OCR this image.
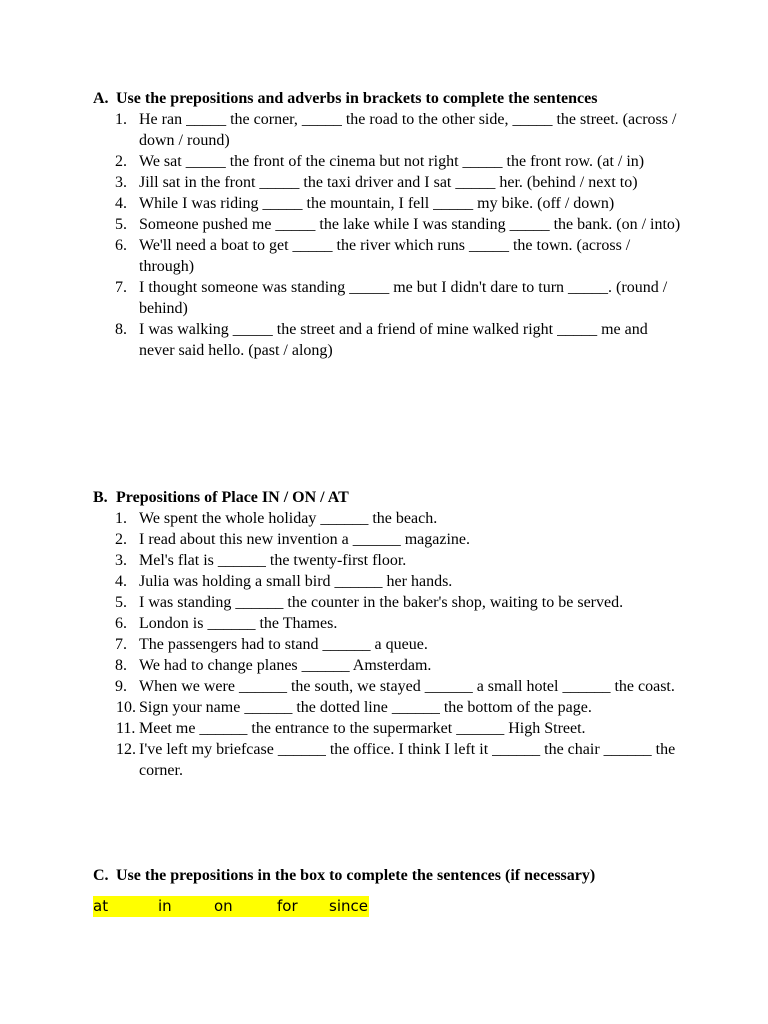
A. Use the prepositions and adverbs in brackets to complete the sentences
1. He ran _____ the corner, _____ the road to the other side, _____ the street. (across / down / round)
2. We sat _____ the front of the cinema but not right _____ the front row. (at / in)
3. Jill sat in the front _____ the taxi driver and I sat _____ her. (behind / next to)
4. While I was riding _____ the mountain, I fell _____ my bike. (off / down)
5. Someone pushed me _____ the lake while I was standing _____ the bank. (on / into)
6. We'll need a boat to get _____ the river which runs _____ the town. (across / through)
7. I thought someone was standing _____ me but I didn't dare to turn _____. (round / behind)
8. I was walking _____ the street and a friend of mine walked right _____ me and never said hello. (past / along)
B. Prepositions of Place IN / ON / AT
1. We spent the whole holiday ______ the beach.
2. I read about this new invention a ______ magazine.
3. Mel's flat is ______ the twenty-first floor.
4. Julia was holding a small bird ______ her hands.
5. I was standing ______ the counter in the baker's shop, waiting to be served.
6. London is ______ the Thames.
7. The passengers had to stand ______ a queue.
8. We had to change planes ______ Amsterdam.
9. When we were ______ the south, we stayed ______ a small hotel ______ the coast.
10. Sign your name ______ the dotted line ______ the bottom of the page.
11. Meet me ______ the entrance to the supermarket ______ High Street.
12. I've left my briefcase ______ the office. I think I left it ______ the chair ______ the corner.
C. Use the prepositions in the box to complete the sentences (if necessary)
at	in	on	for since
